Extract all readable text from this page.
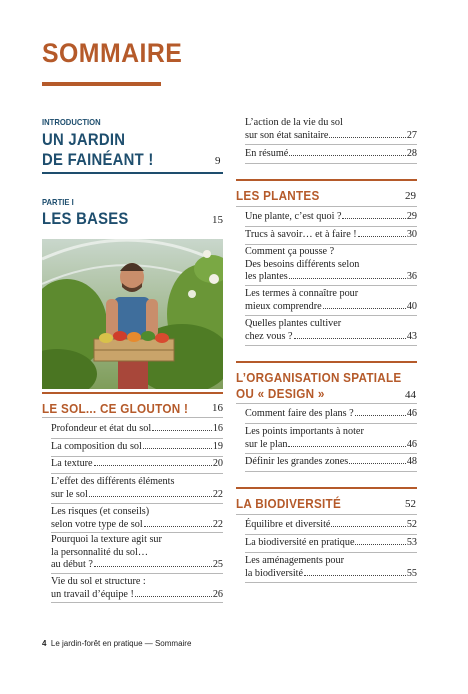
SOMMAIRE
INTRODUCTION
UN JARDIN
DE FAINÉANT !	9
PARTIE I
LES BASES	15
LE SOL... CE GLOUTON ! 16
Profondeur et état du sol	16
La composition du sol	19
La texture	20
L’effet des différents éléments
sur le sol	22
Les risques (et conseils)
selon votre type de sol	22
Pourquoi la texture agit sur
la personnalité du sol…
au début ?	25
Vie du sol et structure :
un travail d’équipe !	26
L’action de la vie du sol
sur son état sanitaire	27
En résumé	28
LES PLANTES	29
Une plante, c’est quoi ?	29
Trucs à savoir… et à faire !	30
Comment ça pousse ?
Des besoins différents selon
les plantes	36
Les termes à connaître pour
mieux comprendre	40
Quelles plantes cultiver
chez vous ?	43
L’ORGANISATION SPATIALE
OU « DESIGN »	44
Comment faire des plans ?	46
Les points importants à noter
sur le plan	46
Définir les grandes zones	48
LA BIODIVERSITÉ	52
Équilibre et diversité	52
La biodiversité en pratique	53
Les aménagements pour
la biodiversité	55
4 Le jardin-forêt en pratique — Sommaire
